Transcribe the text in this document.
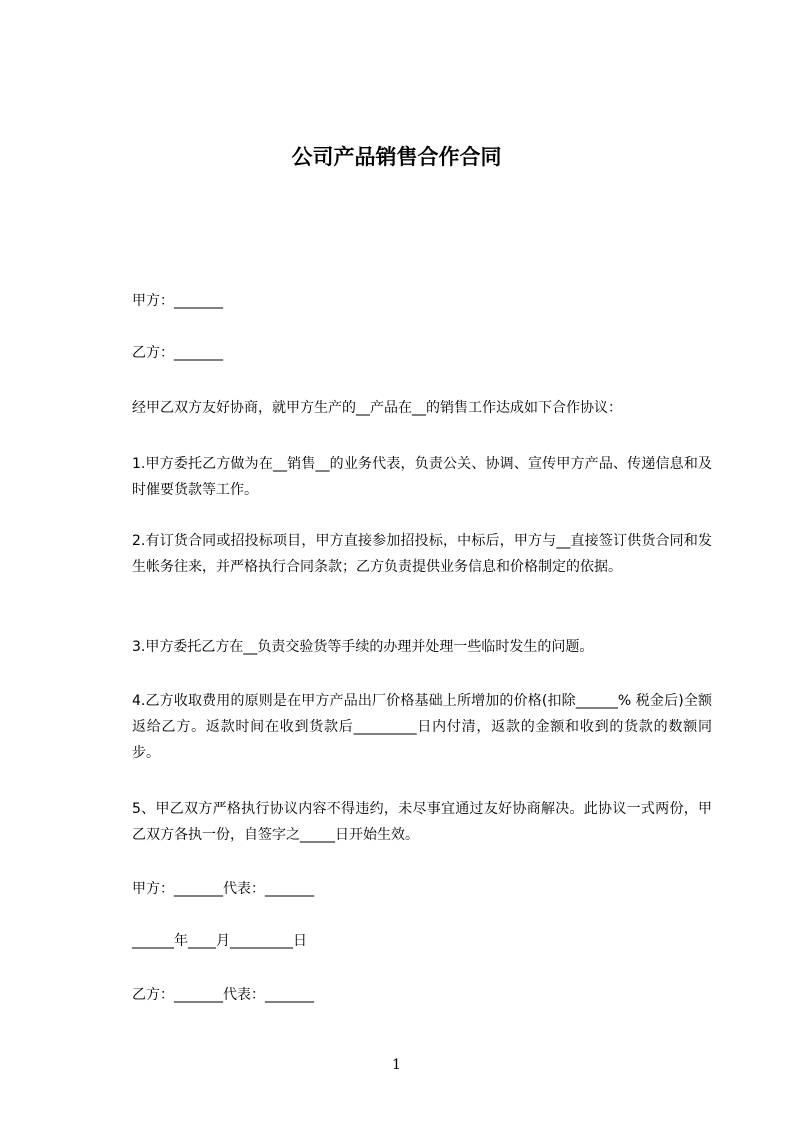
公司产品销售合作合同

甲方：_______

乙方：_______

经甲乙双方友好协商，就甲方生产的__产品在__的销售工作达成如下合作协议：

1.甲方委托乙方做为在__销售__的业务代表，负责公关、协调、宣传甲方产品、传递信息和及时催要货款等工作。

2.有订货合同或招投标项目，甲方直接参加招投标，中标后，甲方与__直接签订供货合同和发生帐务往来，并严格执行合同条款；乙方负责提供业务信息和价格制定的依据。

3.甲方委托乙方在__负责交验货等手续的办理并处理一些临时发生的问题。

4.乙方收取费用的原则是在甲方产品出厂价格基础上所增加的价格(扣除______% 税金后)全额返给乙方。返款时间在收到货款后_________日内付清，返款的金额和收到的货款的数额同步。

5、甲乙双方严格执行协议内容不得违约，未尽事宜通过友好协商解决。此协议一式两份，甲乙双方各执一份，自签字之_____日开始生效。

甲方：_______代表：_______

______年____月_________日

乙方：_______代表：_______

1
